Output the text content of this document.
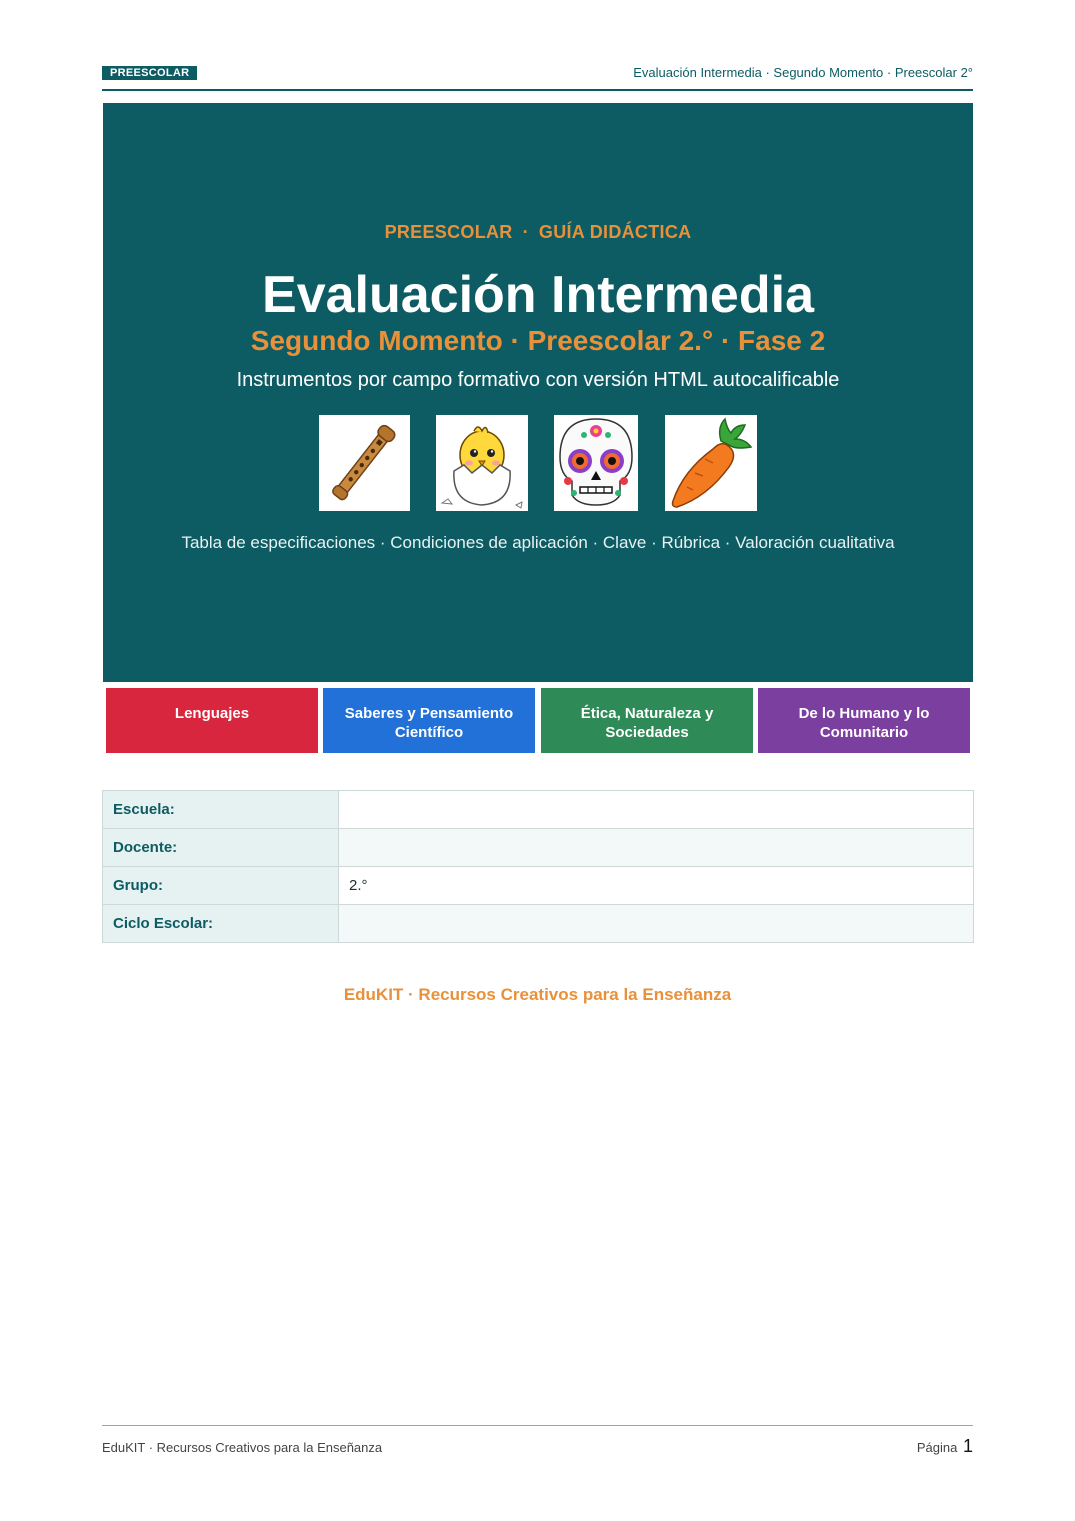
PREESCOLAR	Evaluación Intermedia · Segundo Momento · Preescolar 2°
PREESCOLAR · GUÍA DIDÁCTICA
Evaluación Intermedia
Segundo Momento · Preescolar 2.° · Fase 2
Instrumentos por campo formativo con versión HTML autocalificable
Tabla de especificaciones · Condiciones de aplicación · Clave · Rúbrica · Valoración cualitativa
Lenguajes	Saberes y Pensamiento Científico
Ética, Naturaleza y Sociedades
De lo Humano y lo Comunitario
Escuela:	
Docente:	
Grupo:	2.°
Ciclo Escolar:	
EduKIT · Recursos Creativos para la Enseñanza
EduKIT · Recursos Creativos para la Enseñanza	Página 1
